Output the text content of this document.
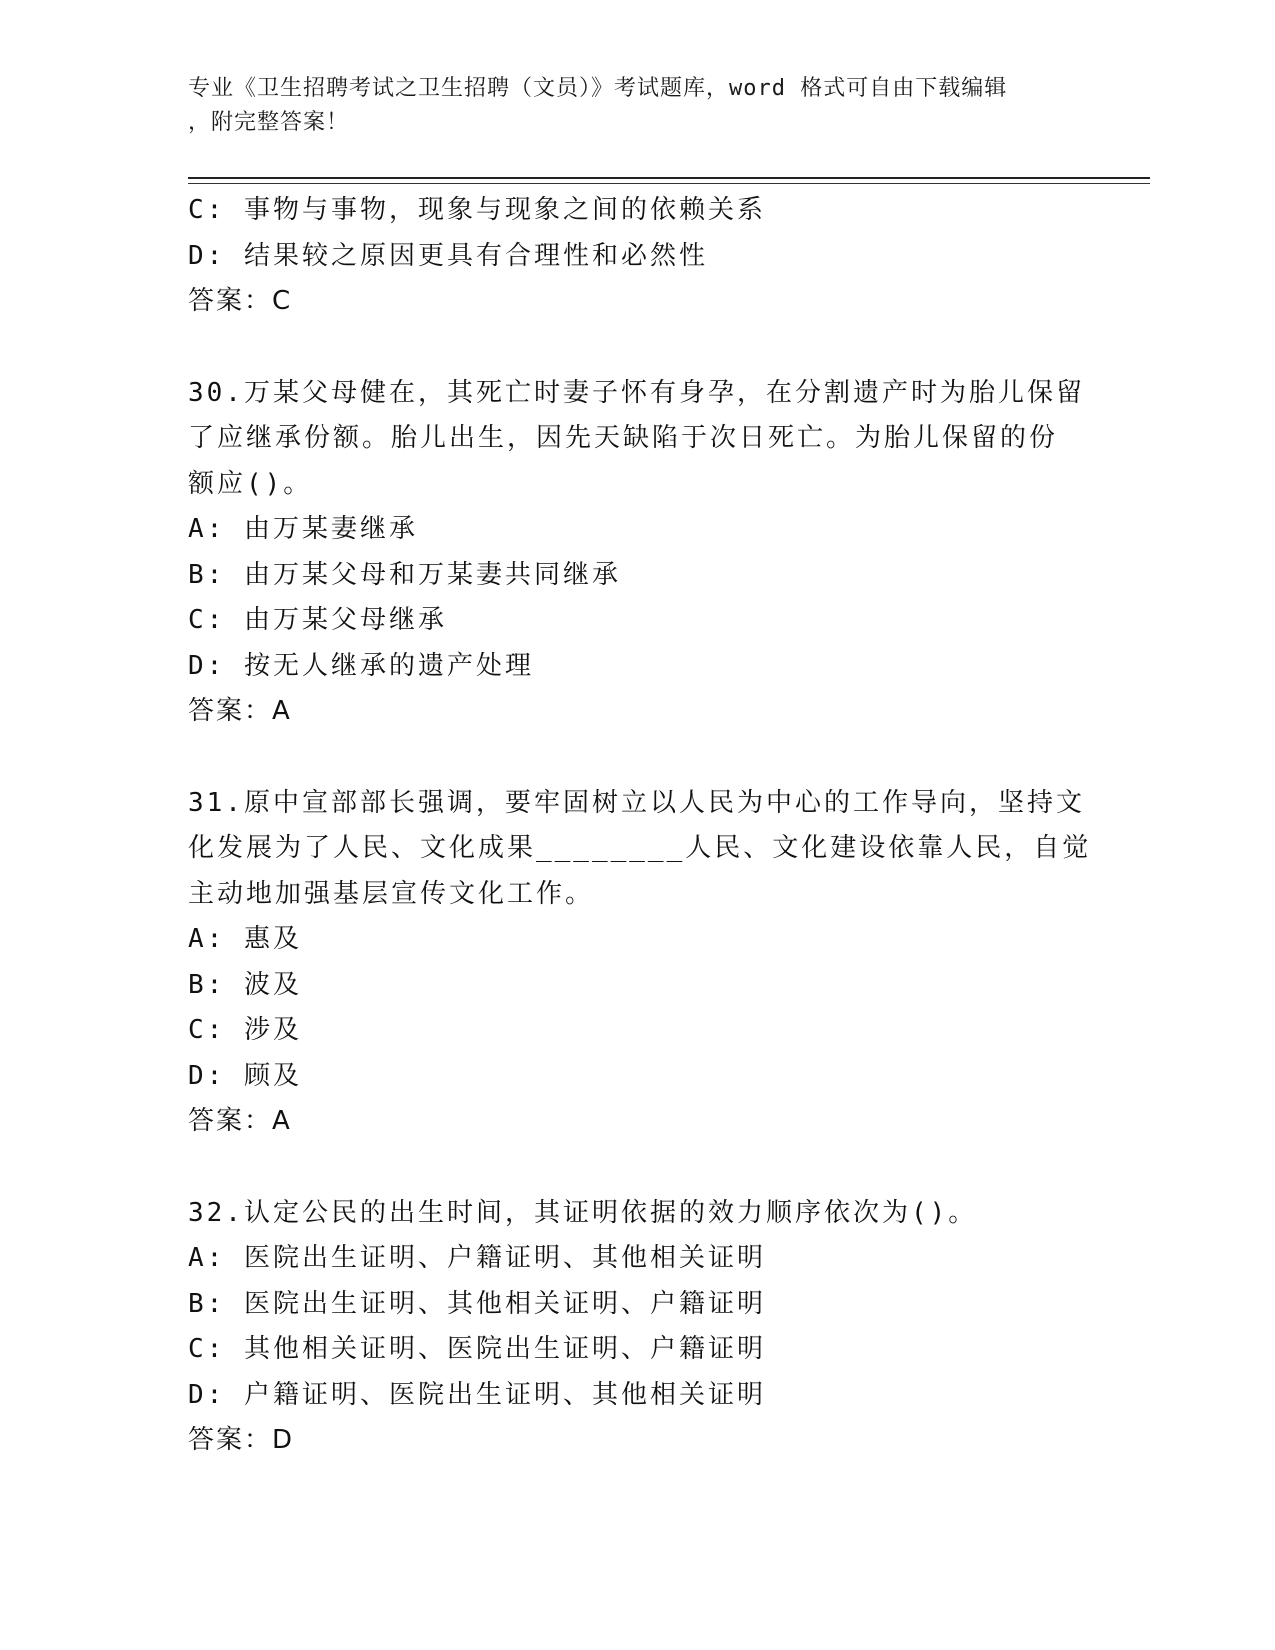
专业《卫生招聘考试之卫生招聘（文员）》考试题库，word 格式可自由下载编辑
，附完整答案！
C: 事物与事物，现象与现象之间的依赖关系
D: 结果较之原因更具有合理性和必然性
答案：C
30.万某父母健在，其死亡时妻子怀有身孕，在分割遗产时为胎儿保留
了应继承份额。胎儿出生，因先天缺陷于次日死亡。为胎儿保留的份
额应()。
A: 由万某妻继承
B: 由万某父母和万某妻共同继承
C: 由万某父母继承
D: 按无人继承的遗产处理
答案：A
31.原中宣部部长强调，要牢固树立以人民为中心的工作导向，坚持文
化发展为了人民、文化成果________人民、文化建设依靠人民，自觉
主动地加强基层宣传文化工作。
A: 惠及
B: 波及
C: 涉及
D: 顾及
答案：A
32.认定公民的出生时间，其证明依据的效力顺序依次为()。
A: 医院出生证明、户籍证明、其他相关证明
B: 医院出生证明、其他相关证明、户籍证明
C: 其他相关证明、医院出生证明、户籍证明
D: 户籍证明、医院出生证明、其他相关证明
答案：D
